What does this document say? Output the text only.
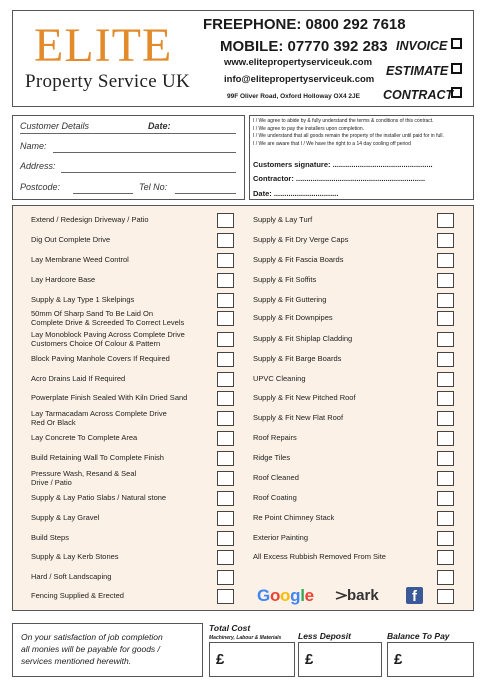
ELITE
Property Service UK
FREEPHONE: 0800 292 7618
MOBILE: 07770 392 283
www.elitepropertyserviceuk.com
info@elitepropertyserviceuk.com
99F Oliver Road, Oxford Holloway OX4 2JE
INVOICE
ESTIMATE
CONTRACT
Customer Details	Date:
Name:
Address:
Postcode:	Tel No:
I / We agree to abide by & fully understand the terms & conditions of this contract.
I / We agree to pay the installers upon completion.
I / We understand that all goods remain the property of the installer until paid for in full.
I / We are aware that I / We have the right to a 14 day cooling off period
Customers signature: ................................................
Contractor: ..............................................................
Date: ...............................
Google	bark	f
On your satisfaction of job completion
all monies will be payable for goods /
services mentioned herewith.
Total Cost
Machinery, Labour & Materials
£
Less Deposit
£
Balance To Pay
£
Extend / Redesign Driveway / Patio
Dig Out Complete Drive
Lay Membrane Weed Control
Lay Hardcore Base
Supply & Lay Type 1 Skelpings
50mm Of Sharp Sand To Be Laid On
Complete Drive & Screeded To Correct Levels
Lay Monoblock Paving Across Complete Drive
Customers Choice Of Colour & Pattern
Block Paving Manhole Covers If Required
Acro Drains Laid If Required
Powerplate Finish Sealed With Kiln Dried Sand
Lay Tarmacadam Across Complete Drive
Red Or Black
Lay Concrete To Complete Area
Build Retaining Wall To Complete Finish
Pressure Wash, Resand & Seal
Drive / Patio
Supply & Lay Patio Slabs / Natural stone
Supply & Lay Gravel
Build Steps
Supply & Lay Kerb Stones
Hard / Soft Landscaping
Fencing Supplied & Erected
Supply & Lay Turf
Supply & Fit Dry Verge Caps
Supply & Fit Fascia Boards
Supply & Fit Soffits
Supply & Fit Guttering
Supply & Fit Downpipes
Supply & Fit Shiplap Cladding
Supply & Fit Barge Boards
UPVC Cleaning
Supply & Fit New Pitched Roof
Supply & Fit New Flat Roof
Roof Repairs
Ridge Tiles
Roof Cleaned
Roof Coating
Re Point Chimney Stack
Exterior Painting
All Excess Rubbish Removed From Site
